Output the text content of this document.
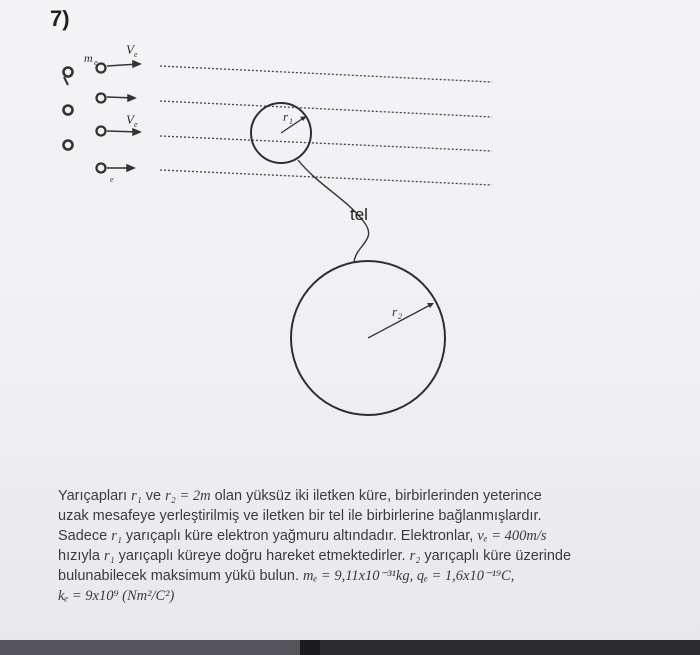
7)
m e
V e
V e
e
r 1
tel
r 2

Yarıçapları r₁ ve r₂ = 2m olan yüksüz iki iletken küre, birbirlerinden yeterince

uzak mesafeye yerleştirilmiş ve iletken bir tel ile birbirlerine bağlanmışlardır.

Sadece r₁ yarıçaplı küre elektron yağmuru altındadır. Elektronlar, vₑ = 400m/s

hızıyla r₁ yarıçaplı küreye doğru hareket etmektedirler. r₂ yarıçaplı küre üzerinde

bulunabilecek maksimum yükü bulun. mₑ = 9,11x10⁻³¹kg, qₑ = 1,6x10⁻¹⁹C,

kₑ = 9x10⁹ (Nm²/C²)
